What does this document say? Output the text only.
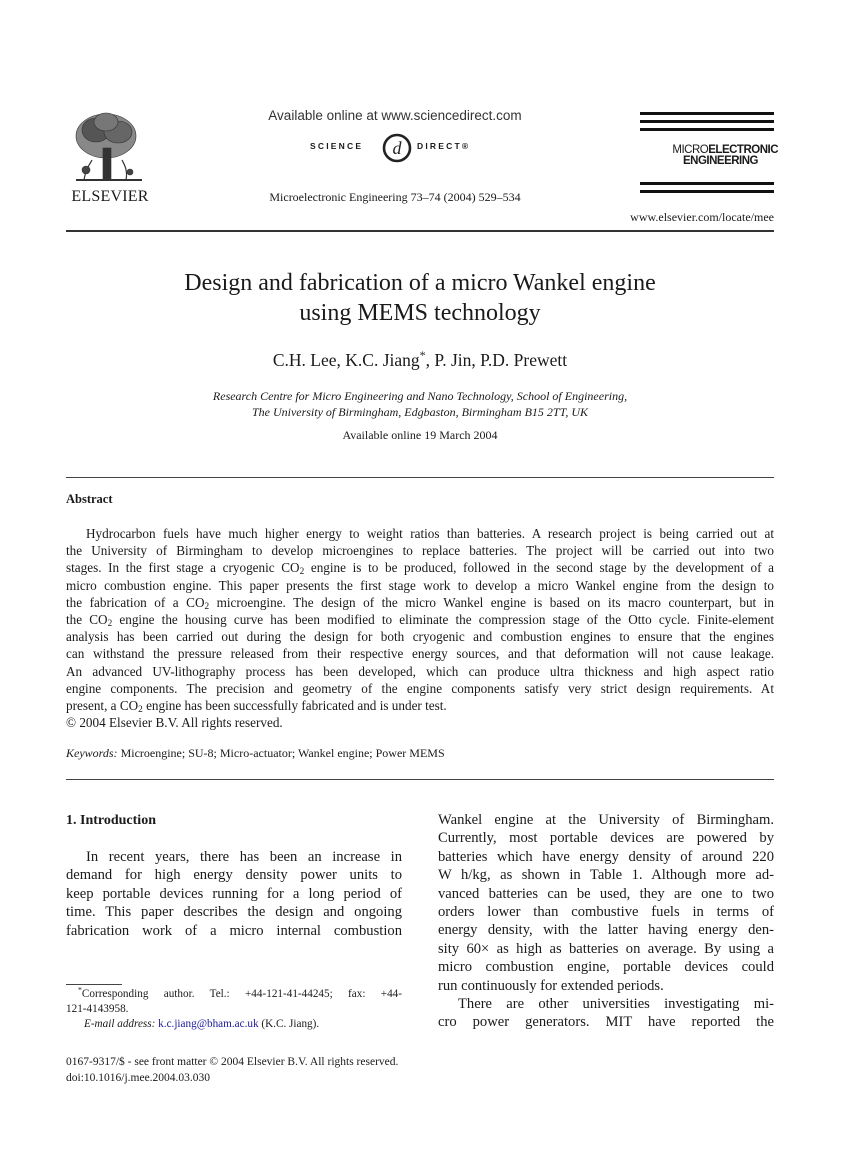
ELSEVIER
Available online at www.sciencedirect.com
SCIENCE d DIRECT®
Microelectronic Engineering 73–74 (2004) 529–534
MICROELECTRONIC
ENGINEERING
www.elsevier.com/locate/mee
Design and fabrication of a micro Wankel engine
using MEMS technology
C.H. Lee, K.C. Jiang*, P. Jin, P.D. Prewett
Research Centre for Micro Engineering and Nano Technology, School of Engineering,
The University of Birmingham, Edgbaston, Birmingham B15 2TT, UK
Available online 19 March 2004
Abstract
Hydrocarbon fuels have much higher energy to weight ratios than batteries. A research project is being carried out at
the University of Birmingham to develop microengines to replace batteries. The project will be carried out into two
stages. In the first stage a cryogenic $CO_2$ engine is to be produced, followed in the second stage by the development of a
micro combustion engine. This paper presents the first stage work to develop a micro Wankel engine from the design to
the fabrication of a $CO_2$ microengine. The design of the micro Wankel engine is based on its macro counterpart, but in
the $CO_2$ engine the housing curve has been modified to eliminate the compression stage of the Otto cycle. Finite-element
analysis has been carried out during the design for both cryogenic and combustion engines to ensure that the engines
can withstand the pressure released from their respective energy sources, and that deformation will not cause leakage.
An advanced UV-lithography process has been developed, which can produce ultra thickness and high aspect ratio
engine components. The precision and geometry of the engine components satisfy very strict design requirements. At
present, a $CO_2$ engine has been successfully fabricated and is under test.
© 2004 Elsevier B.V. All rights reserved.
Keywords: Microengine; SU-8; Micro-actuator; Wankel engine; Power MEMS
1. Introduction
In recent years, there has been an increase in
demand for high energy density power units to
keep portable devices running for a long period of
time. This paper describes the design and ongoing
fabrication work of a micro internal combustion
Wankel engine at the University of Birmingham.
Currently, most portable devices are powered by
batteries which have energy density of around 220
W h/kg, as shown in Table 1. Although more ad-
vanced batteries can be used, they are one to two
orders lower than combustive fuels in terms of
energy density, with the latter having energy den-
sity 60× as high as batteries on average. By using a
micro combustion engine, portable devices could
run continuously for extended periods.
There are other universities investigating mi-
cro power generators. MIT have reported the
*Corresponding author. Tel.: +44-121-41-44245; fax: +44-
121-4143958.
E-mail address: k.c.jiang@bham.ac.uk (K.C. Jiang).
0167-9317/$ - see front matter © 2004 Elsevier B.V. All rights reserved.
doi:10.1016/j.mee.2004.03.030
